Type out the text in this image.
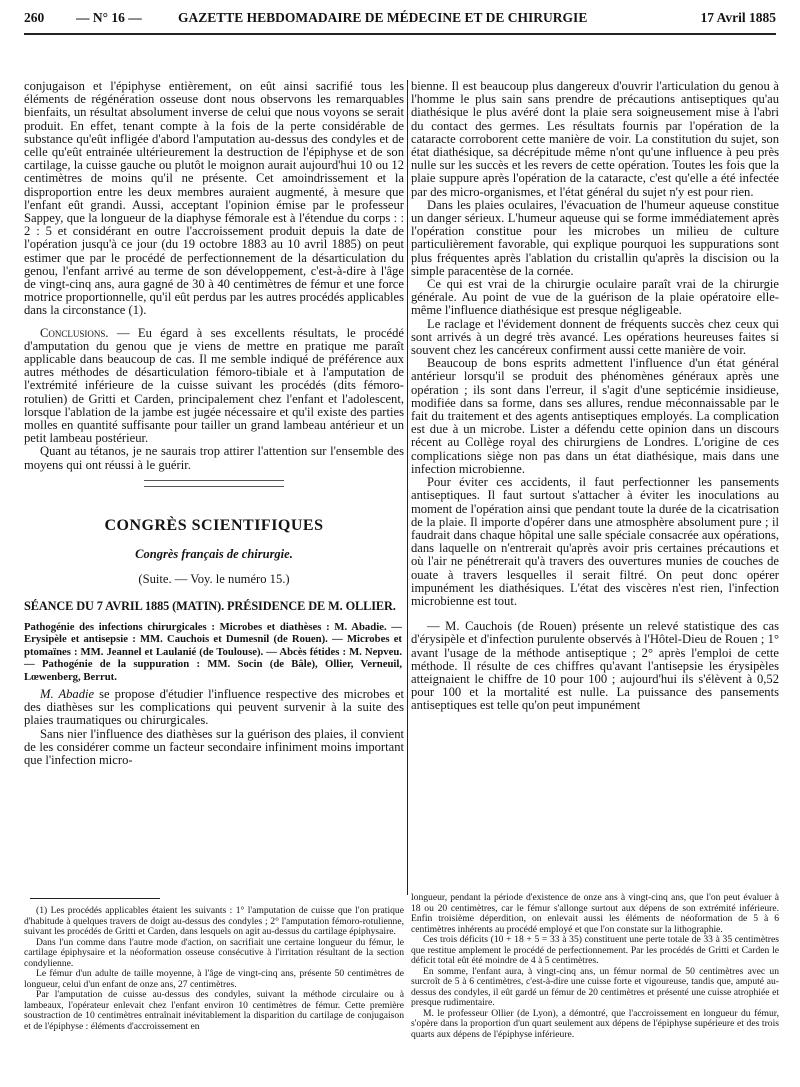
260 — N° 16 —	GAZETTE HEBDOMADAIRE DE MÉDECINE ET DE CHIRURGIE	17 Avril 1885

conjugaison et l'épiphyse entièrement, on eût ainsi sacrifié tous les éléments de régénération osseuse dont nous observons les remarquables bienfaits, un résultat absolument inverse de celui que nous voyons se serait produit. En effet, tenant compte à la fois de la perte considérable de substance qu'eût infligée d'abord l'amputation au-dessus des condyles et de celle qu'eût entrainée ultérieurement la destruction de l'épiphyse et de son cartilage, la cuisse gauche ou plutôt le moignon aurait aujourd'hui 10 ou 12 centimètres de moins qu'il ne présente. Cet amoindrissement et la disproportion entre les deux membres auraient augmenté, à mesure que l'enfant eût grandi. Aussi, acceptant l'opinion émise par le professeur Sappey, que la longueur de la diaphyse fémorale est à l'étendue du corps : : 2 : 5 et considérant en outre l'accroissement produit depuis la date de l'opération jusqu'à ce jour (du 19 octobre 1883 au 10 avril 1885) on peut estimer que par le procédé de perfectionnement de la désarticulation du genou, l'enfant arrivé au terme de son développement, c'est-à-dire à l'âge de vingt-cinq ans, aura gagné de 30 à 40 centimètres de fémur et une force motrice proportionnelle, qu'il eût perdus par les autres procédés applicables dans la circonstance (1).

Conclusions. — Eu égard à ses excellents résultats, le procédé d'amputation du genou que je viens de mettre en pratique me paraît applicable dans beaucoup de cas. Il me semble indiqué de préférence aux autres méthodes de désarticulation fémoro-tibiale et à l'amputation de l'extrémité inférieure de la cuisse suivant les procédés (dits fémoro-rotulien) de Gritti et Carden, principalement chez l'enfant et l'adolescent, lorsque l'ablation de la jambe est jugée nécessaire et qu'il existe des parties molles en quantité suffisante pour tailler un grand lambeau antérieur et un petit lambeau postérieur.

Quant au tétanos, je ne saurais trop attirer l'attention sur l'ensemble des moyens qui ont réussi à le guérir.

CONGRÈS SCIENTIFIQUES
Congrès français de chirurgie.
(Suite. — Voy. le numéro 15.)
SÉANCE DU 7 AVRIL 1885 (MATIN). PRÉSIDENCE DE M. OLLIER.
Pathogénie des infections chirurgicales : Microbes et diathèses : M. Abadie. — Erysipèle et antisepsie : MM. Cauchois et Dumesnil (de Rouen). — Microbes et ptomaïnes : MM. Jeannel et Laulanié (de Toulouse). — Abcès fétides : M. Nepveu. — Pathogénie de la suppuration : MM. Socin (de Bâle), Ollier, Verneuil, Lœwenberg, Berrut.

M. Abadie se propose d'étudier l'influence respective des microbes et des diathèses sur les complications qui peuvent survenir à la suite des plaies traumatiques ou chirurgicales.

Sans nier l'influence des diathèses sur la guérison des plaies, il convient de les considérer comme un facteur secondaire infiniment moins important que l'infection micro-

bienne. Il est beaucoup plus dangereux d'ouvrir l'articulation du genou à l'homme le plus sain sans prendre de précautions antiseptiques qu'au diathésique le plus avéré dont la plaie sera soigneusement mise à l'abri du contact des germes. Les résultats fournis par l'opération de la cataracte corroborent cette manière de voir. La constitution du sujet, son état diathésique, sa décrépitude même n'ont qu'une influence à peu près nulle sur les succès et les revers de cette opération. Toutes les fois que la plaie suppure après l'opération de la cataracte, c'est qu'elle a été infectée par des micro-organismes, et l'état général du sujet n'y est pour rien.

Dans les plaies oculaires, l'évacuation de l'humeur aqueuse constitue un danger sérieux. L'humeur aqueuse qui se forme immédiatement après l'opération constitue pour les microbes un milieu de culture particulièrement favorable, qui explique pourquoi les suppurations sont plus fréquentes après l'ablation du cristallin qu'après la discision ou la simple paracentèse de la cornée.

Ce qui est vrai de la chirurgie oculaire paraît vrai de la chirurgie générale. Au point de vue de la guérison de la plaie opératoire elle-même l'influence diathésique est presque négligeable.

Le raclage et l'évidement donnent de fréquents succès chez ceux qui sont arrivés à un degré très avancé. Les opérations heureuses faites si souvent chez les cancéreux confirment aussi cette manière de voir.

Beaucoup de bons esprits admettent l'influence d'un état général antérieur lorsqu'il se produit des phénomènes généraux après une opération ; ils sont dans l'erreur, il s'agit d'une septicémie insidieuse, modifiée dans sa forme, dans ses allures, rendue méconnaissable par le fait du traitement et des agents antiseptiques employés. La complication est due à un microbe. Lister a défendu cette opinion dans un discours récent au Collège royal des chirurgiens de Londres. L'origine de ces complications siège non pas dans un état diathésique, mais dans une infection microbienne.

Pour éviter ces accidents, il faut perfectionner les pansements antiseptiques. Il faut surtout s'attacher à éviter les inoculations au moment de l'opération ainsi que pendant toute la durée de la cicatrisation de la plaie. Il importe d'opérer dans une atmosphère absolument pure ; il faudrait dans chaque hôpital une salle spéciale consacrée aux opérations, dans laquelle on n'entrerait qu'après avoir pris certaines précautions et où l'air ne pénétrerait qu'à travers des ouvertures munies de couches de ouate à travers lesquelles il serait filtré. On peut donc opérer impunément les diathésiques. L'état des viscères n'est rien, l'infection microbienne est tout.

— M. Cauchois (de Rouen) présente un relevé statistique des cas d'érysipèle et d'infection purulente observés à l'Hôtel-Dieu de Rouen ; 1° avant l'usage de la méthode antiseptique ; 2° après l'emploi de cette méthode. Il résulte de ces chiffres qu'avant l'antisepsie les érysipèles atteignaient le chiffre de 10 pour 100 ; aujourd'hui ils s'élèvent à 0,52 pour 100 et la mortalité est nulle. La puissance des pansements antiseptiques est telle qu'on peut impunément

(1) Les procédés applicables étaient les suivants : 1° l'amputation de cuisse que l'on pratique d'habitude à quelques travers de doigt au-dessus des condyles ; 2° l'amputation fémoro-rotulienne, suivant les procédés de Gritti et Carden, dans lesquels on agit au-dessus du cartilage épiphysaire.

Dans l'un comme dans l'autre mode d'action, on sacrifiait une certaine longueur du fémur, le cartilage épiphysaire et la néoformation osseuse consécutive à l'irritation résultant de la section condylienne.

Le fémur d'un adulte de taille moyenne, à l'âge de vingt-cinq ans, présente 50 centimètres de longueur, celui d'un enfant de onze ans, 27 centimètres.

Par l'amputation de cuisse au-dessus des condyles, suivant la méthode circulaire ou à lambeaux, l'opérateur enlevait chez l'enfant environ 10 centimètres de fémur. Cette première soustraction de 10 centimètres entraînait inévitablement la disparition du cartilage de conjugaison et de l'épiphyse : éléments d'accroissement en

longueur, pendant la période d'existence de onze ans à vingt-cinq ans, que l'on peut évaluer à 18 ou 20 centimètres, car le fémur s'allonge surtout aux dépens de son extrémité inférieure. Enfin troisième déperdition, on enlevait aussi les éléments de néoformation de 5 à 6 centimètres inhérents au procédé employé et que l'on constate sur la lithographie.

Ces trois déficits (10 + 18 + 5 = 33 à 35) constituent une perte totale de 33 à 35 centimètres que restitue amplement le procédé de perfectionnement. Par les procédés de Gritti et Carden le déficit total eût été moindre de 4 à 5 centimètres.

En somme, l'enfant aura, à vingt-cinq ans, un fémur normal de 50 centimètres avec un surcroît de 5 à 6 centimètres, c'est-à-dire une cuisse forte et vigoureuse, tandis que, amputé au-dessus des condyles, il eût gardé un fémur de 20 centimètres et présenté une cuisse atrophiée et presque rudimentaire.

M. le professeur Ollier (de Lyon), a démontré, que l'accroissement en longueur du fémur, s'opère dans la proportion d'un quart seulement aux dépens de l'épiphyse supérieure et des trois quarts aux dépens de l'épiphyse inférieure.
